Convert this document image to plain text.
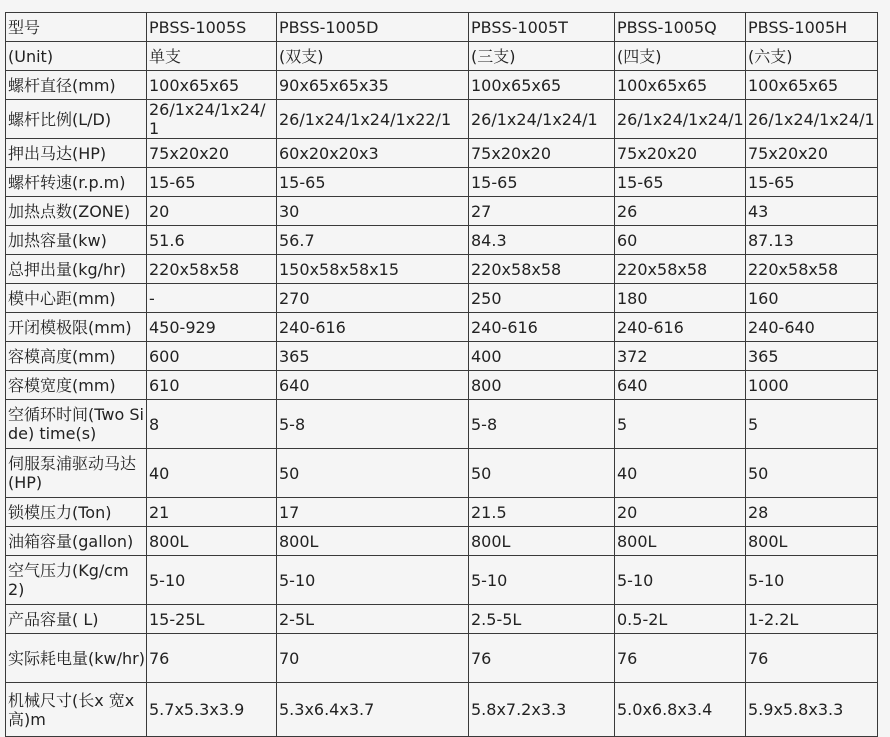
型号	PBSS-1005S	PBSS-1005D	PBSS-1005T	PBSS-1005Q	PBSS-1005H
(Unit)	单支	(双支)	(三支)	(四支)	(六支)
螺杆直径(mm)	100x65x65	90x65x65x35	100x65x65	100x65x65	100x65x65
螺杆比例(L/D)	26/1x24/1x24/1	26/1x24/1x24/1x22/1	26/1x24/1x24/1	26/1x24/1x24/1	26/1x24/1x24/1
押出马达(HP)	75x20x20	60x20x20x3	75x20x20	75x20x20	75x20x20
螺杆转速(r.p.m)	15-65	15-65	15-65	15-65	15-65
加热点数(ZONE)	20	30	27	26	43
加热容量(kw)	51.6	56.7	84.3	60	87.13
总押出量(kg/hr)	220x58x58	150x58x58x15	220x58x58	220x58x58	220x58x58
模中心距(mm)	-	270	250	180	160
开闭模极限(mm)	450-929	240-616	240-616	240-616	240-640
容模高度(mm)	600	365	400	372	365
容模宽度(mm)	610	640	800	640	1000
空循环时间(Two Side) time(s)	8	5-8	5-8	5	5
伺服泵浦驱动马达(HP)	40	50	50	40	50
锁模压力(Ton)	21	17	21.5	20	28
油箱容量(gallon)	800L	800L	800L	800L	800L
空气压力(Kg/cm2)	5-10	5-10	5-10	5-10	5-10
产品容量( L)	15-25L	2-5L	2.5-5L	0.5-2L	1-2.2L
实际耗电量(kw/hr)	76	70	76	76	76
机械尺寸(长x 宽x 高)m	5.7x5.3x3.9	5.3x6.4x3.7	5.8x7.2x3.3	5.0x6.8x3.4	5.9x5.8x3.3
